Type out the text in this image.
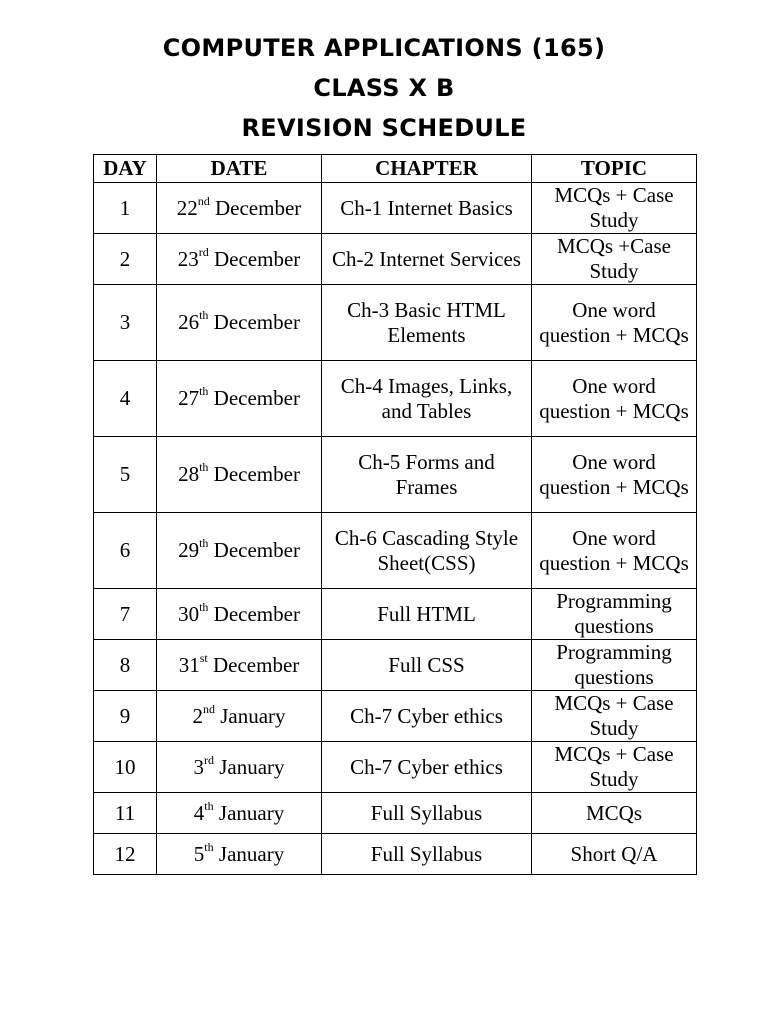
COMPUTER APPLICATIONS (165)
CLASS X B
REVISION SCHEDULE
DAY	DATE	CHAPTER	TOPIC
1	22nd December	Ch-1 Internet Basics	MCQs + Case Study
2	23rd December	Ch-2 Internet Services	MCQs +Case Study
3	26th December	Ch-3 Basic HTML Elements	One word question + MCQs
4	27th December	Ch-4 Images, Links, and Tables	One word question + MCQs
5	28th December	Ch-5 Forms and Frames	One word question + MCQs
6	29th December	Ch-6 Cascading Style Sheet(CSS)	One word question + MCQs
7	30th December	Full HTML	Programming questions
8	31st December	Full CSS	Programming questions
9	2nd January	Ch-7 Cyber ethics	MCQs + Case Study
10	3rd January	Ch-7 Cyber ethics	MCQs + Case Study
11	4th January	Full Syllabus	MCQs
12	5th January	Full Syllabus	Short Q/A
